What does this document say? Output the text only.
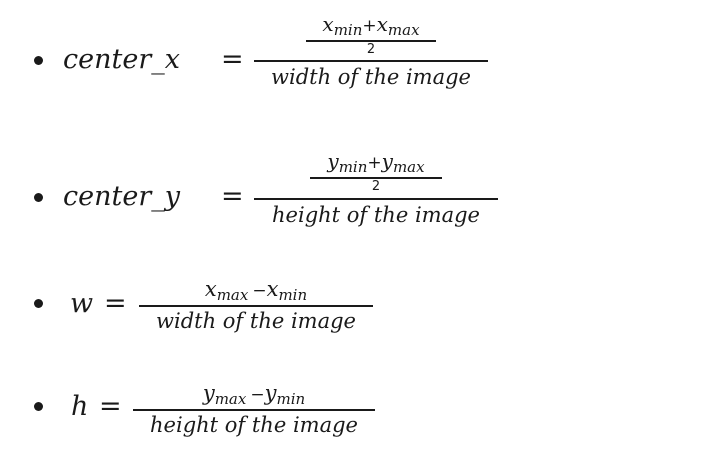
center_x =
$x_{min}+x_{max}$
2
width of the image
center_y =
$y_{min}+y_{max}$
2
height of the image
w =	$x_{max} -x_{min}$
width of the image
h =	$y_{max} -y_{min}$
height of the image
